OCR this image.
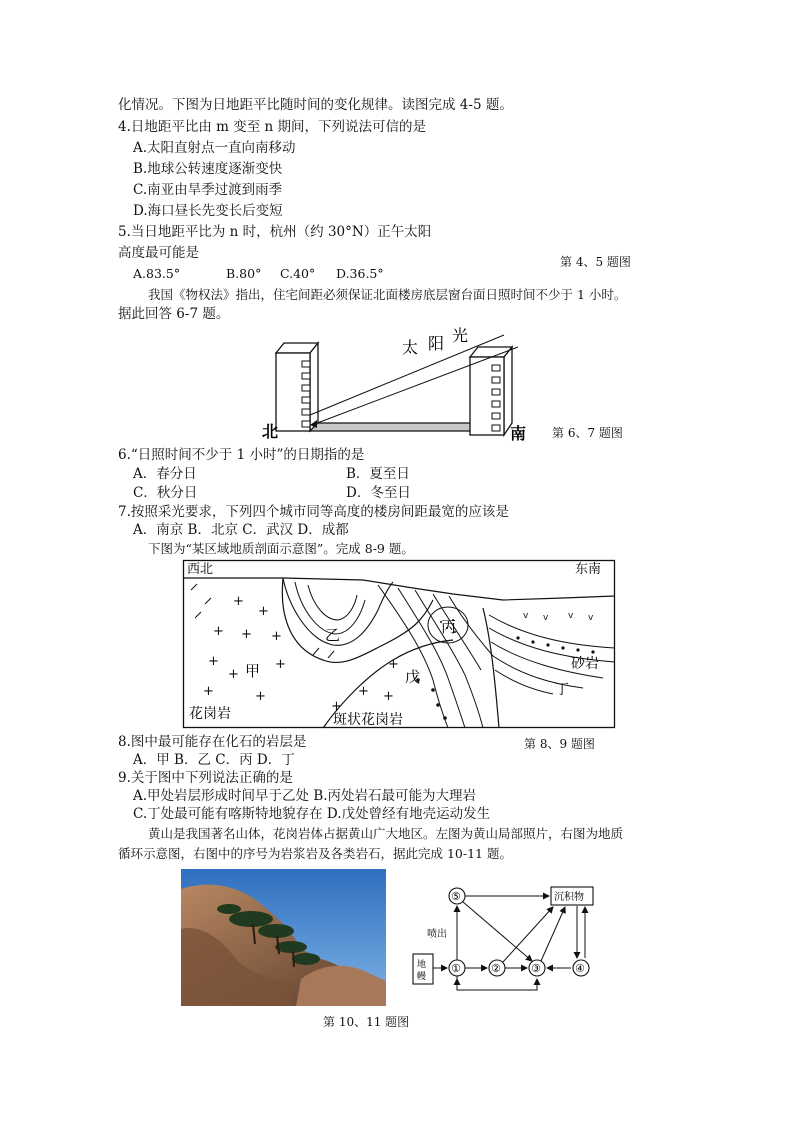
化情况。下图为日地距平比随时间的变化规律。读图完成 4-5 题。
4.日地距平比由 m 变至 n 期间，下列说法可信的是
A.太阳直射点一直向南移动
B.地球公转速度逐渐变快
C.南亚由旱季过渡到雨季
D.海口昼长先变长后变短
5.当日地距平比为 n 时，杭州（约 30°N）正午太阳
高度最可能是
A.83.5°	B.80° C.40° D.36.5°
第 4、5 题图
我国《物权法》指出，住宅间距必须保证北面楼房底层窗台面日照时间不少于 1 小时。
据此回答 6-7 题。
太 阳 光
北	南 第 6、7 题图
6.“日照时间不少于 1 小时”的日期指的是
A．春分日	B．夏至日
C．秋分日	D．冬至日
7.按照采光要求，下列四个城市同等高度的楼房间距最宽的应该是
A．南京 B．北京 C．武汉 D．成都
下图为“某区域地质剖面示意图”。完成 8-9 题。
v v v v
+
+
+ + +
+
+
+
+
+
+
+ +
+
西北	东南
乙	丙
甲	砂岩
丁
戊
花岗岩	斑状花岗岩
第 8、9 题图
8.图中最可能存在化石的岩层是
A．甲 B．乙 C．丙 D．丁
9.关于图中下列说法正确的是
A.甲处岩层形成时间早于乙处 B.丙处岩石最可能为大理岩
C.丁处最可能有喀斯特地貌存在 D.戊处曾经有地壳运动发生
黄山是我国著名山体，花岗岩体占据黄山广大地区。左图为黄山局部照片，右图为地质
循环示意图，右图中的序号为岩浆岩及各类岩石，据此完成 10-11 题。
⑤	沉积物
喷出
地
幔
①	②	③	④
第 10、11 题图
